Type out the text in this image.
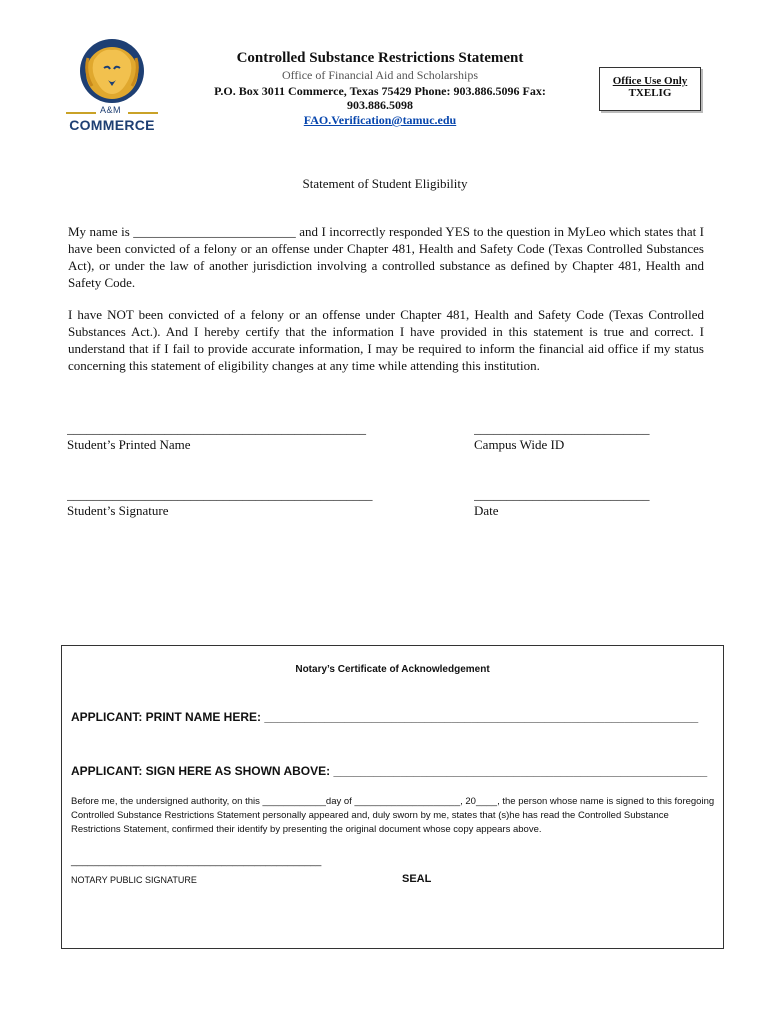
A&M
COMMERCE
Controlled Substance Restrictions Statement
Office of Financial Aid and Scholarships
P.O. Box 3011 Commerce, Texas 75429 Phone: 903.886.5096 Fax:
903.886.5098
FAO.Verification@tamuc.edu
Office Use Only
TXELIG
Statement of Student Eligibility
My name is _________________________ and I incorrectly responded YES to the question in MyLeo which states that I have been convicted of a felony or an offense under Chapter 481, Health and Safety Code (Texas Controlled Substances Act), or under the law of another jurisdiction involving a controlled substance as defined by Chapter 481, Health and Safety Code.
I have NOT been convicted of a felony or an offense under Chapter 481, Health and Safety Code (Texas Controlled Substances Act.). And I hereby certify that the information I have provided in this statement is true and correct. I understand that if I fail to provide accurate information, I may be required to inform the financial aid office if my status concerning this statement of eligibility changes at any time while attending this institution.
______________________________________________
Student’s Printed Name
___________________________
Campus Wide ID
_______________________________________________
Student’s Signature
___________________________
Date
Notary’s Certificate of Acknowledgement
APPLICANT: PRINT NAME HERE: _________________________________________________________________
APPLICANT: SIGN HERE AS SHOWN ABOVE: ________________________________________________________
Before me, the undersigned authority, on this ____________day of ____________________, 20____, the person whose name is signed to this foregoing Controlled Substance Restrictions Statement personally appeared and, duly sworn by me, states that (s)he has read the Controlled Substance Restrictions Statement, confirmed their identify by presenting the original document whose copy appears above.
_____________________________________________
NOTARY PUBLIC SIGNATURE	SEAL
